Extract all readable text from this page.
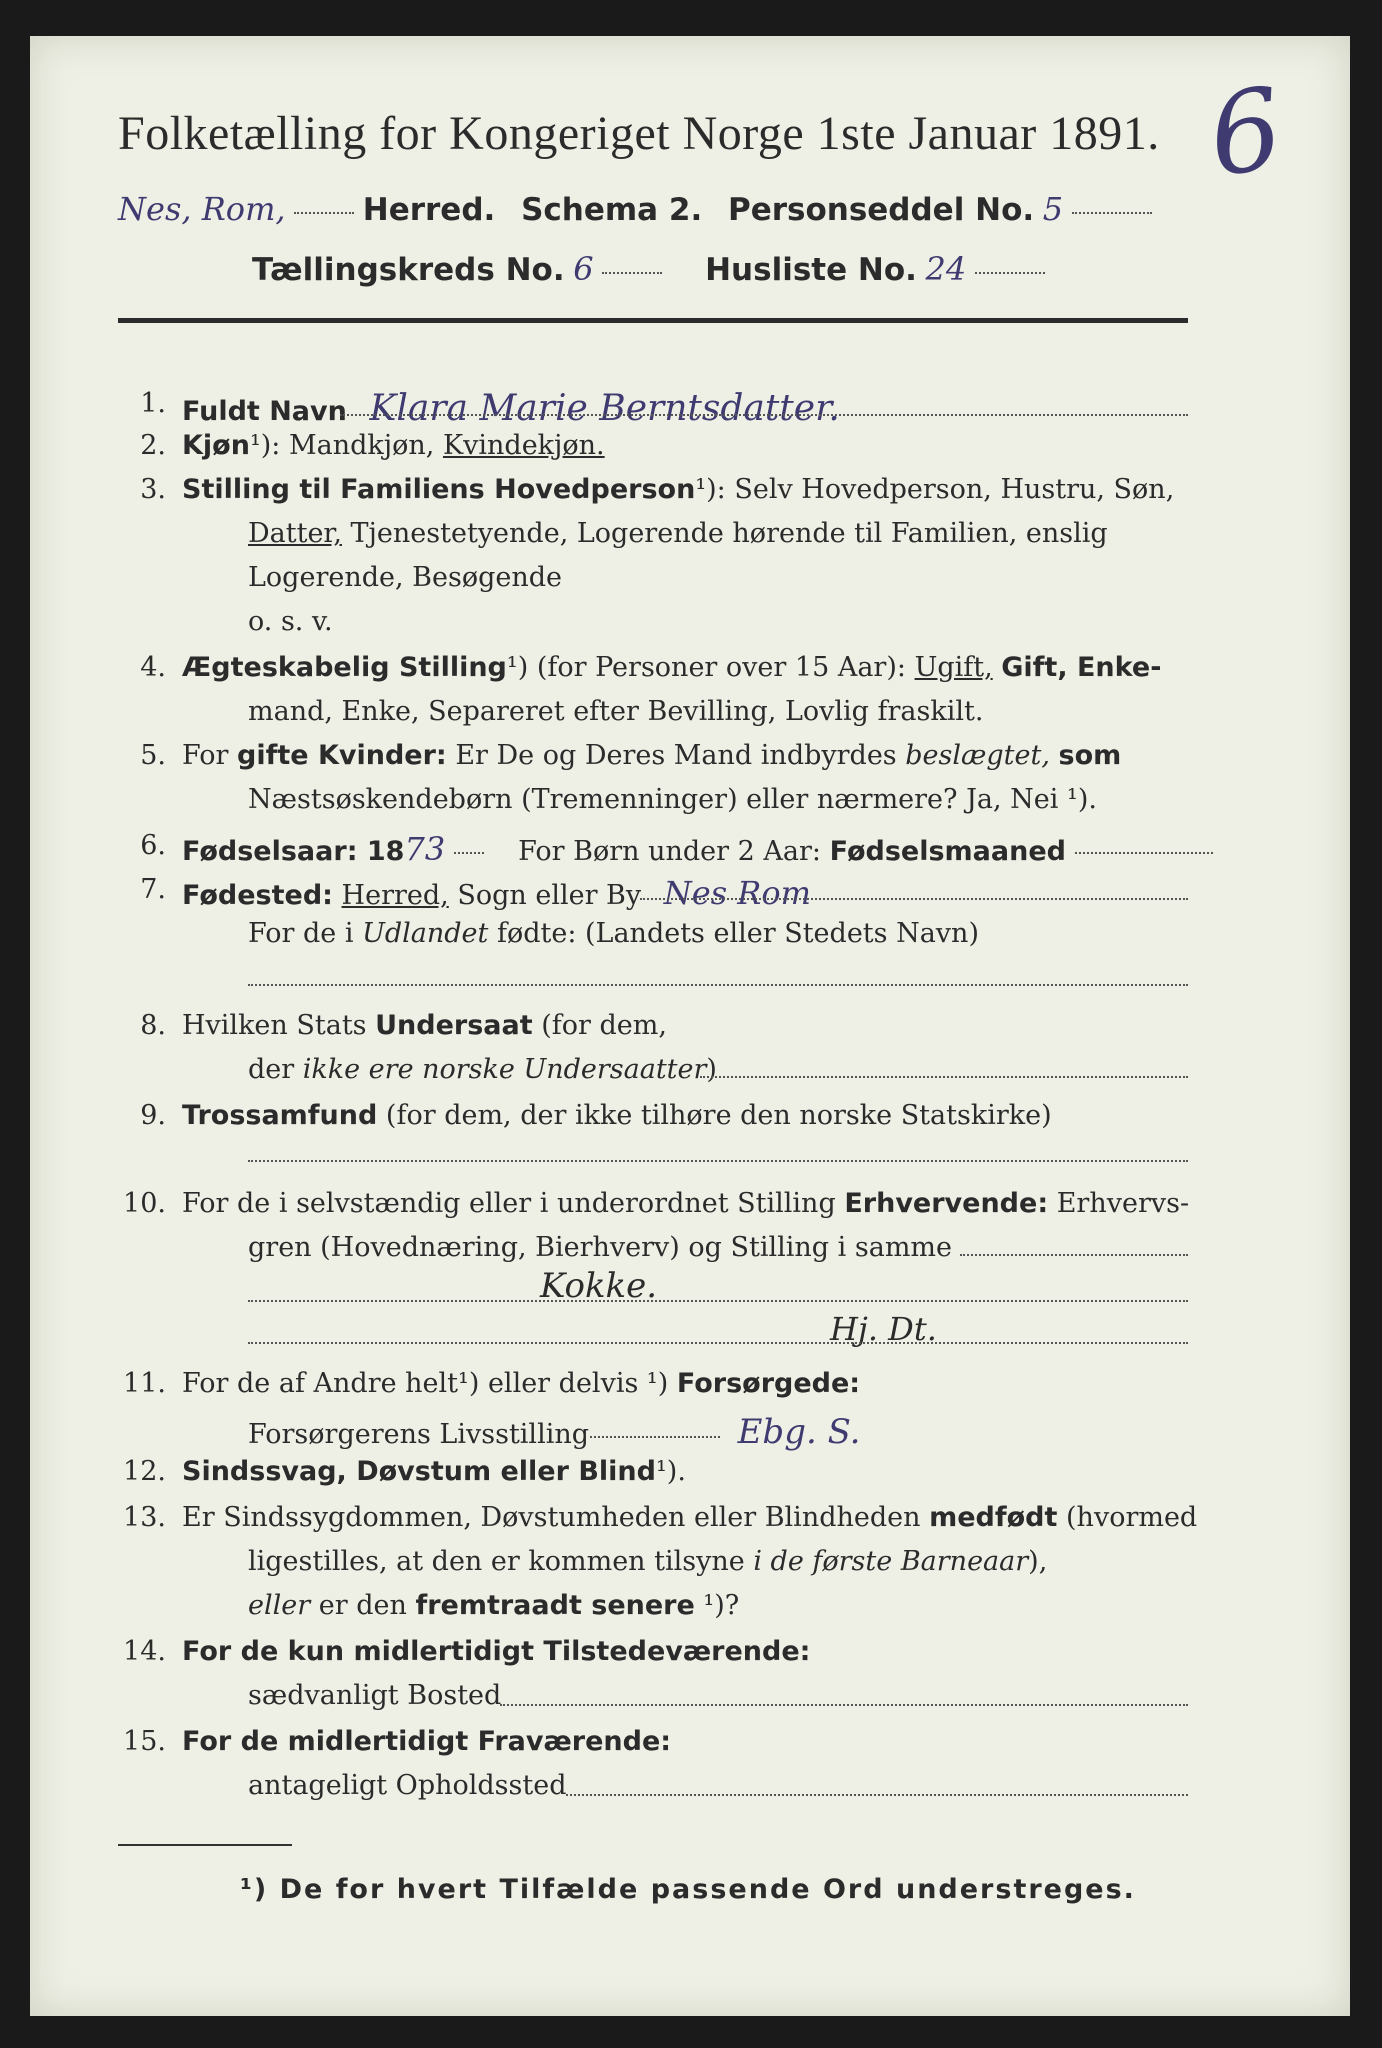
Folketælling for Kongeriget Norge 1ste Januar 1891. 6
Nes, Rom, Herred. Schema 2. Personseddel No. 5
Tællingskreds No. 6	Husliste No. 24
1. Fuldt Navn Klara Marie Berntsdatter.
2. Kjøn¹): Mandkjøn, Kvindekjøn.
3. Stilling til Familiens Hovedperson¹): Selv Hovedperson, Hustru, Søn,
Datter, Tjenestetyende, Logerende hørende til Familien, enslig
Logerende, Besøgende
o. s. v.
4. Ægteskabelig Stilling¹) (for Personer over 15 Aar): Ugift, Gift, Enke-
mand, Enke, Separeret efter Bevilling, Lovlig fraskilt.
5. For gifte Kvinder: Er De og Deres Mand indbyrdes beslægtet, som
Næstsøskendebørn (Tremenninger) eller nærmere? Ja, Nei ¹).
6. Fødselsaar: 1873	For Børn under 2 Aar: Fødselsmaaned
7. Fødested: Herred, Sogn eller By Nes Rom
For de i Udlandet fødte: (Landets eller Stedets Navn)
8. Hvilken Stats Undersaat (for dem,
der ikke ere norske Undersaatter)
9. Trossamfund (for dem, der ikke tilhøre den norske Statskirke)
10. For de i selvstændig eller i underordnet Stilling Erhvervende: Erhvervs-
gren (Hovednæring, Bierhverv) og Stilling i samme
Kokke.
Hj. Dt.
11. For de af Andre helt¹) eller delvis ¹) Forsørgede:
Forsørgerens Livsstilling	Ebg. S.
12. Sindssvag, Døvstum eller Blind¹).
13. Er Sindssygdommen, Døvstumheden eller Blindheden medfødt (hvormed
ligestilles, at den er kommen tilsyne i de første Barneaar),
eller er den fremtraadt senere ¹)?
14. For de kun midlertidigt Tilstedeværende:
sædvanligt Bosted
15. For de midlertidigt Fraværende:
antageligt Opholdssted
¹) De for hvert Tilfælde passende Ord understreges.
